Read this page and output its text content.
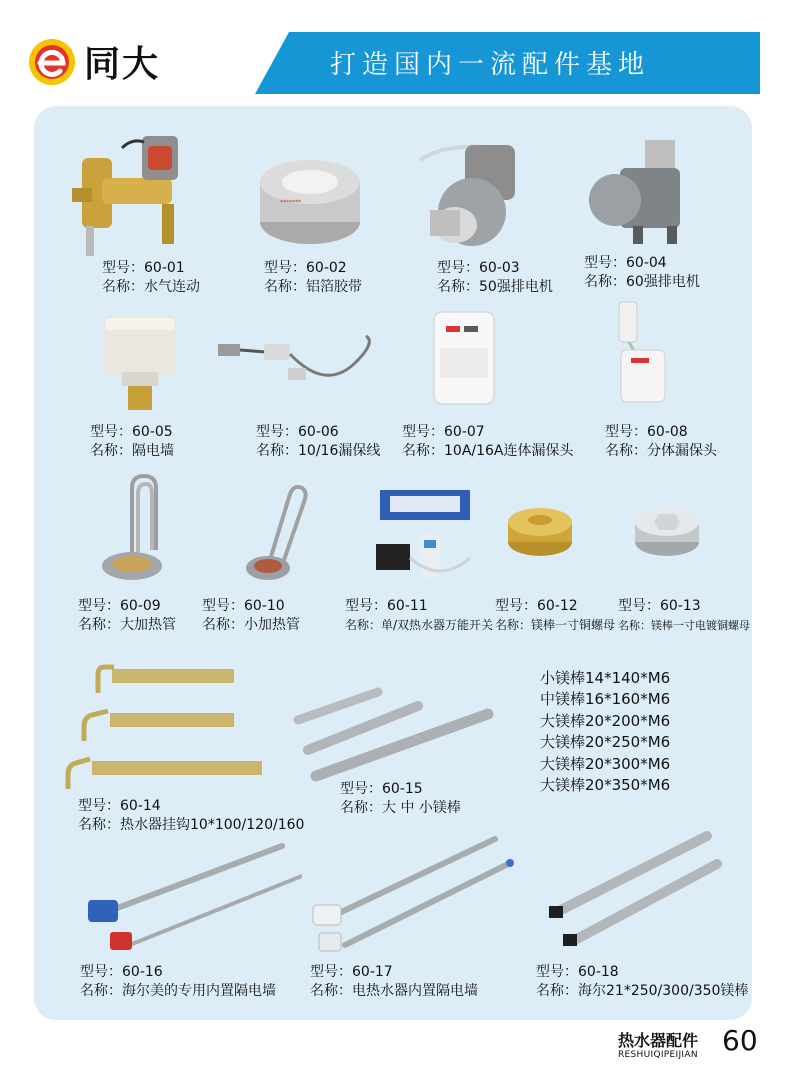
同大	打造国内一流配件基地
型号：60-01
名称：水气连动
*******
型号：60-02
名称：铝箔胶带
型号：60-03
名称：50强排电机
型号：60-04
名称：60强排电机
型号：60-05
名称：隔电墙
型号：60-06
名称：10/16漏保线
型号：60-07
名称：10A/16A连体漏保头
型号：60-08
名称：分体漏保头
型号：60-09
名称：大加热管
型号：60-10
名称：小加热管
型号：60-11
名称：单/双热水器万能开关
型号：60-12
名称：镁棒一寸铜螺母
型号：60-13
名称：镁棒一寸电镀铜螺母
型号：60-14
名称：热水器挂钩10*100/120/160
型号：60-15
名称：大 中 小镁棒
小镁棒14*140*M6
中镁棒16*160*M6
大镁棒20*200*M6
大镁棒20*250*M6
大镁棒20*300*M6
大镁棒20*350*M6
型号：60-16
名称：海尔美的专用内置隔电墙
型号：60-17
名称：电热水器内置隔电墙
型号：60-18
名称：海尔21*250/300/350镁棒
热水器配件
RESHUIQIPEIJIAN 60
